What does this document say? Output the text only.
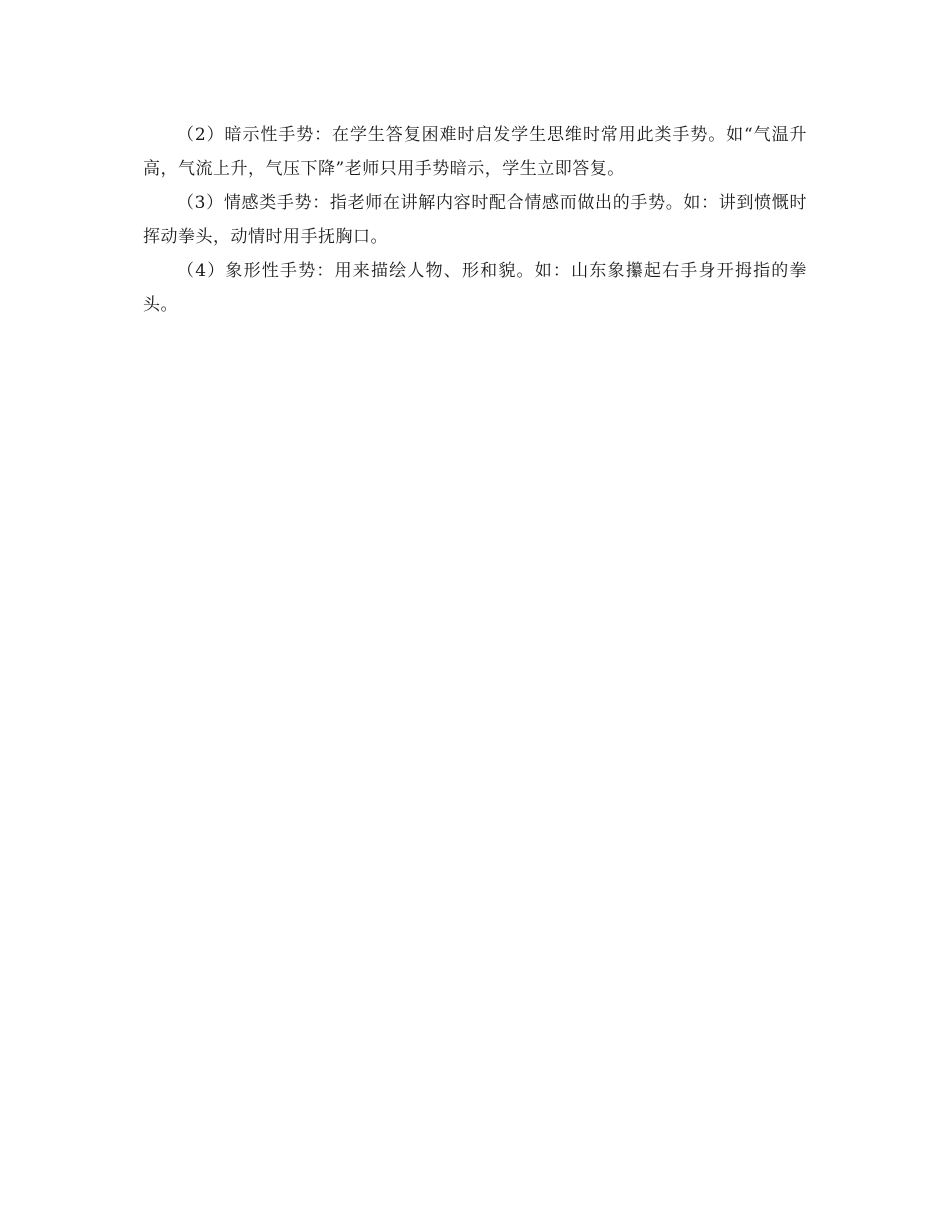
（2）暗示性手势：在学生答复困难时启发学生思维时常用此类手势。如“气温升高，气流上升，气压下降”老师只用手势暗示，学生立即答复。

（3）情感类手势：指老师在讲解内容时配合情感而做出的手势。如：讲到愤慨时挥动拳头，动情时用手抚胸口。

（4）象形性手势：用来描绘人物、形和貌。如：山东象攥起右手身开拇指的拳头。
